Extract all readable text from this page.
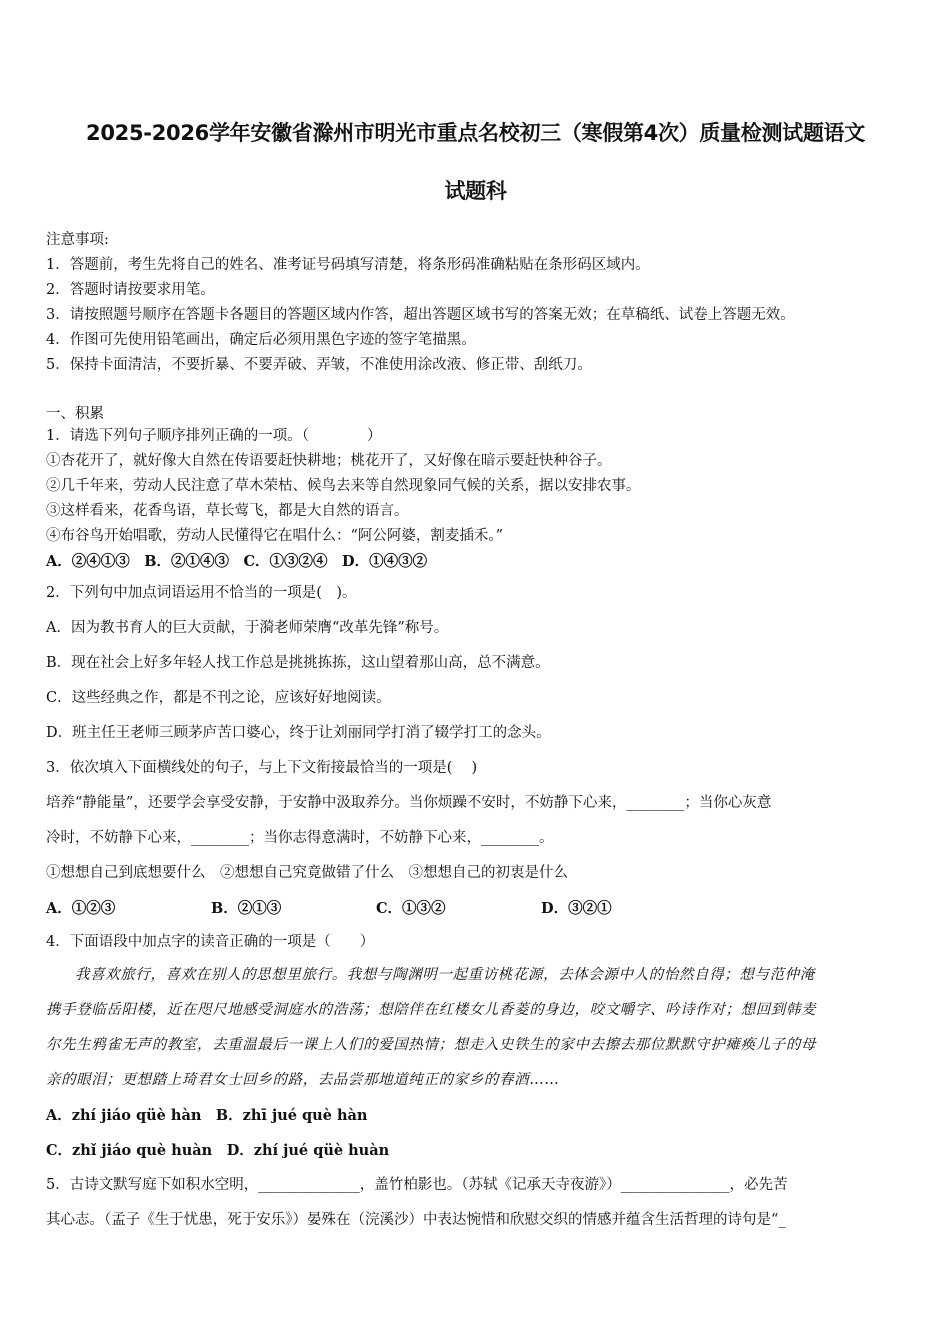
2025-2026学年安徽省滁州市明光市重点名校初三（寒假第4次）质量检测试题语文
试题科
注意事项:
1．答题前，考生先将自己的姓名、准考证号码填写清楚，将条形码准确粘贴在条形码区域内。
2．答题时请按要求用笔。
3．请按照题号顺序在答题卡各题目的答题区域内作答，超出答题区域书写的答案无效；在草稿纸、试卷上答题无效。
4．作图可先使用铅笔画出，确定后必须用黑色字迹的签字笔描黑。
5．保持卡面清洁，不要折暴、不要弄破、弄皱，不准使用涂改液、修正带、刮纸刀。
一、积累
1．请选下列句子顺序排列正确的一项。（　　　　）
①杏花开了，就好像大自然在传语要赶快耕地；桃花开了，又好像在暗示要赶快种谷子。
②几千年来，劳动人民注意了草木荣枯、候鸟去来等自然现象同气候的关系，据以安排农事。
③这样看来，花香鸟语，草长莺飞，都是大自然的语言。
④布谷鸟开始唱歌，劳动人民懂得它在唱什么：“阿公阿婆，割麦插禾。”
A．②④①③　B．②①④③　C．①③②④　D．①④③②
2．下列句中加点词语运用不恰当的一项是(　)。
A．因为教书育人的巨大贡献，于漪老师荣膺“改革先锋”称号。
B．现在社会上好多年轻人找工作总是挑挑拣拣，这山望着那山高，总不满意。
C．这些经典之作，都是不刊之论，应该好好地阅读。
D．班主任王老师三顾茅庐苦口婆心，终于让刘丽同学打消了辍学打工的念头。
3．依次填入下面横线处的句子，与上下文衔接最恰当的一项是(　 )
培养“静能量”，还要学会享受安静，于安静中汲取养分。当你烦躁不安时，不妨静下心来，________；当你心灰意
冷时，不妨静下心来，________；当你志得意满时，不妨静下心来，________。
①想想自己到底想要什么　②想想自己究竟做错了什么　③想想自己的初衷是什么
A．①②③	B．②①③	C．①③②	D．③②①
4．下面语段中加点字的读音正确的一项是（　　）
我喜欢旅行，喜欢在别人的思想里旅行。我想与陶渊明一起重访桃花源，去体会源中人的怡然自得；想与范仲淹
携手登临岳阳楼，近在咫尺地感受洞庭水的浩荡；想陪伴在红楼女儿香菱的身边，咬文嚼字、吟诗作对；想回到韩麦
尔先生鸦雀无声的教室，去重温最后一课上人们的爱国热情；想走入史铁生的家中去擦去那位默默守护瘫痪儿子的母
亲的眼泪；更想踏上琦君女士回乡的路，去品尝那地道纯正的家乡的春酒……
A．zhí jiáo qüè hàn　B．zhī jué què hàn
C．zhǐ jiáo què huàn　D．zhí jué qüè huàn
5．古诗文默写庭下如积水空明，______________，盖竹柏影也。（苏轼《记承天寺夜游》）_______________，必先苦
其心志。（孟子《生于忧患，死于安乐》）晏殊在（浣溪沙）中表达惋惜和欣慰交织的情感并蕴含生活哲理的诗句是“_
